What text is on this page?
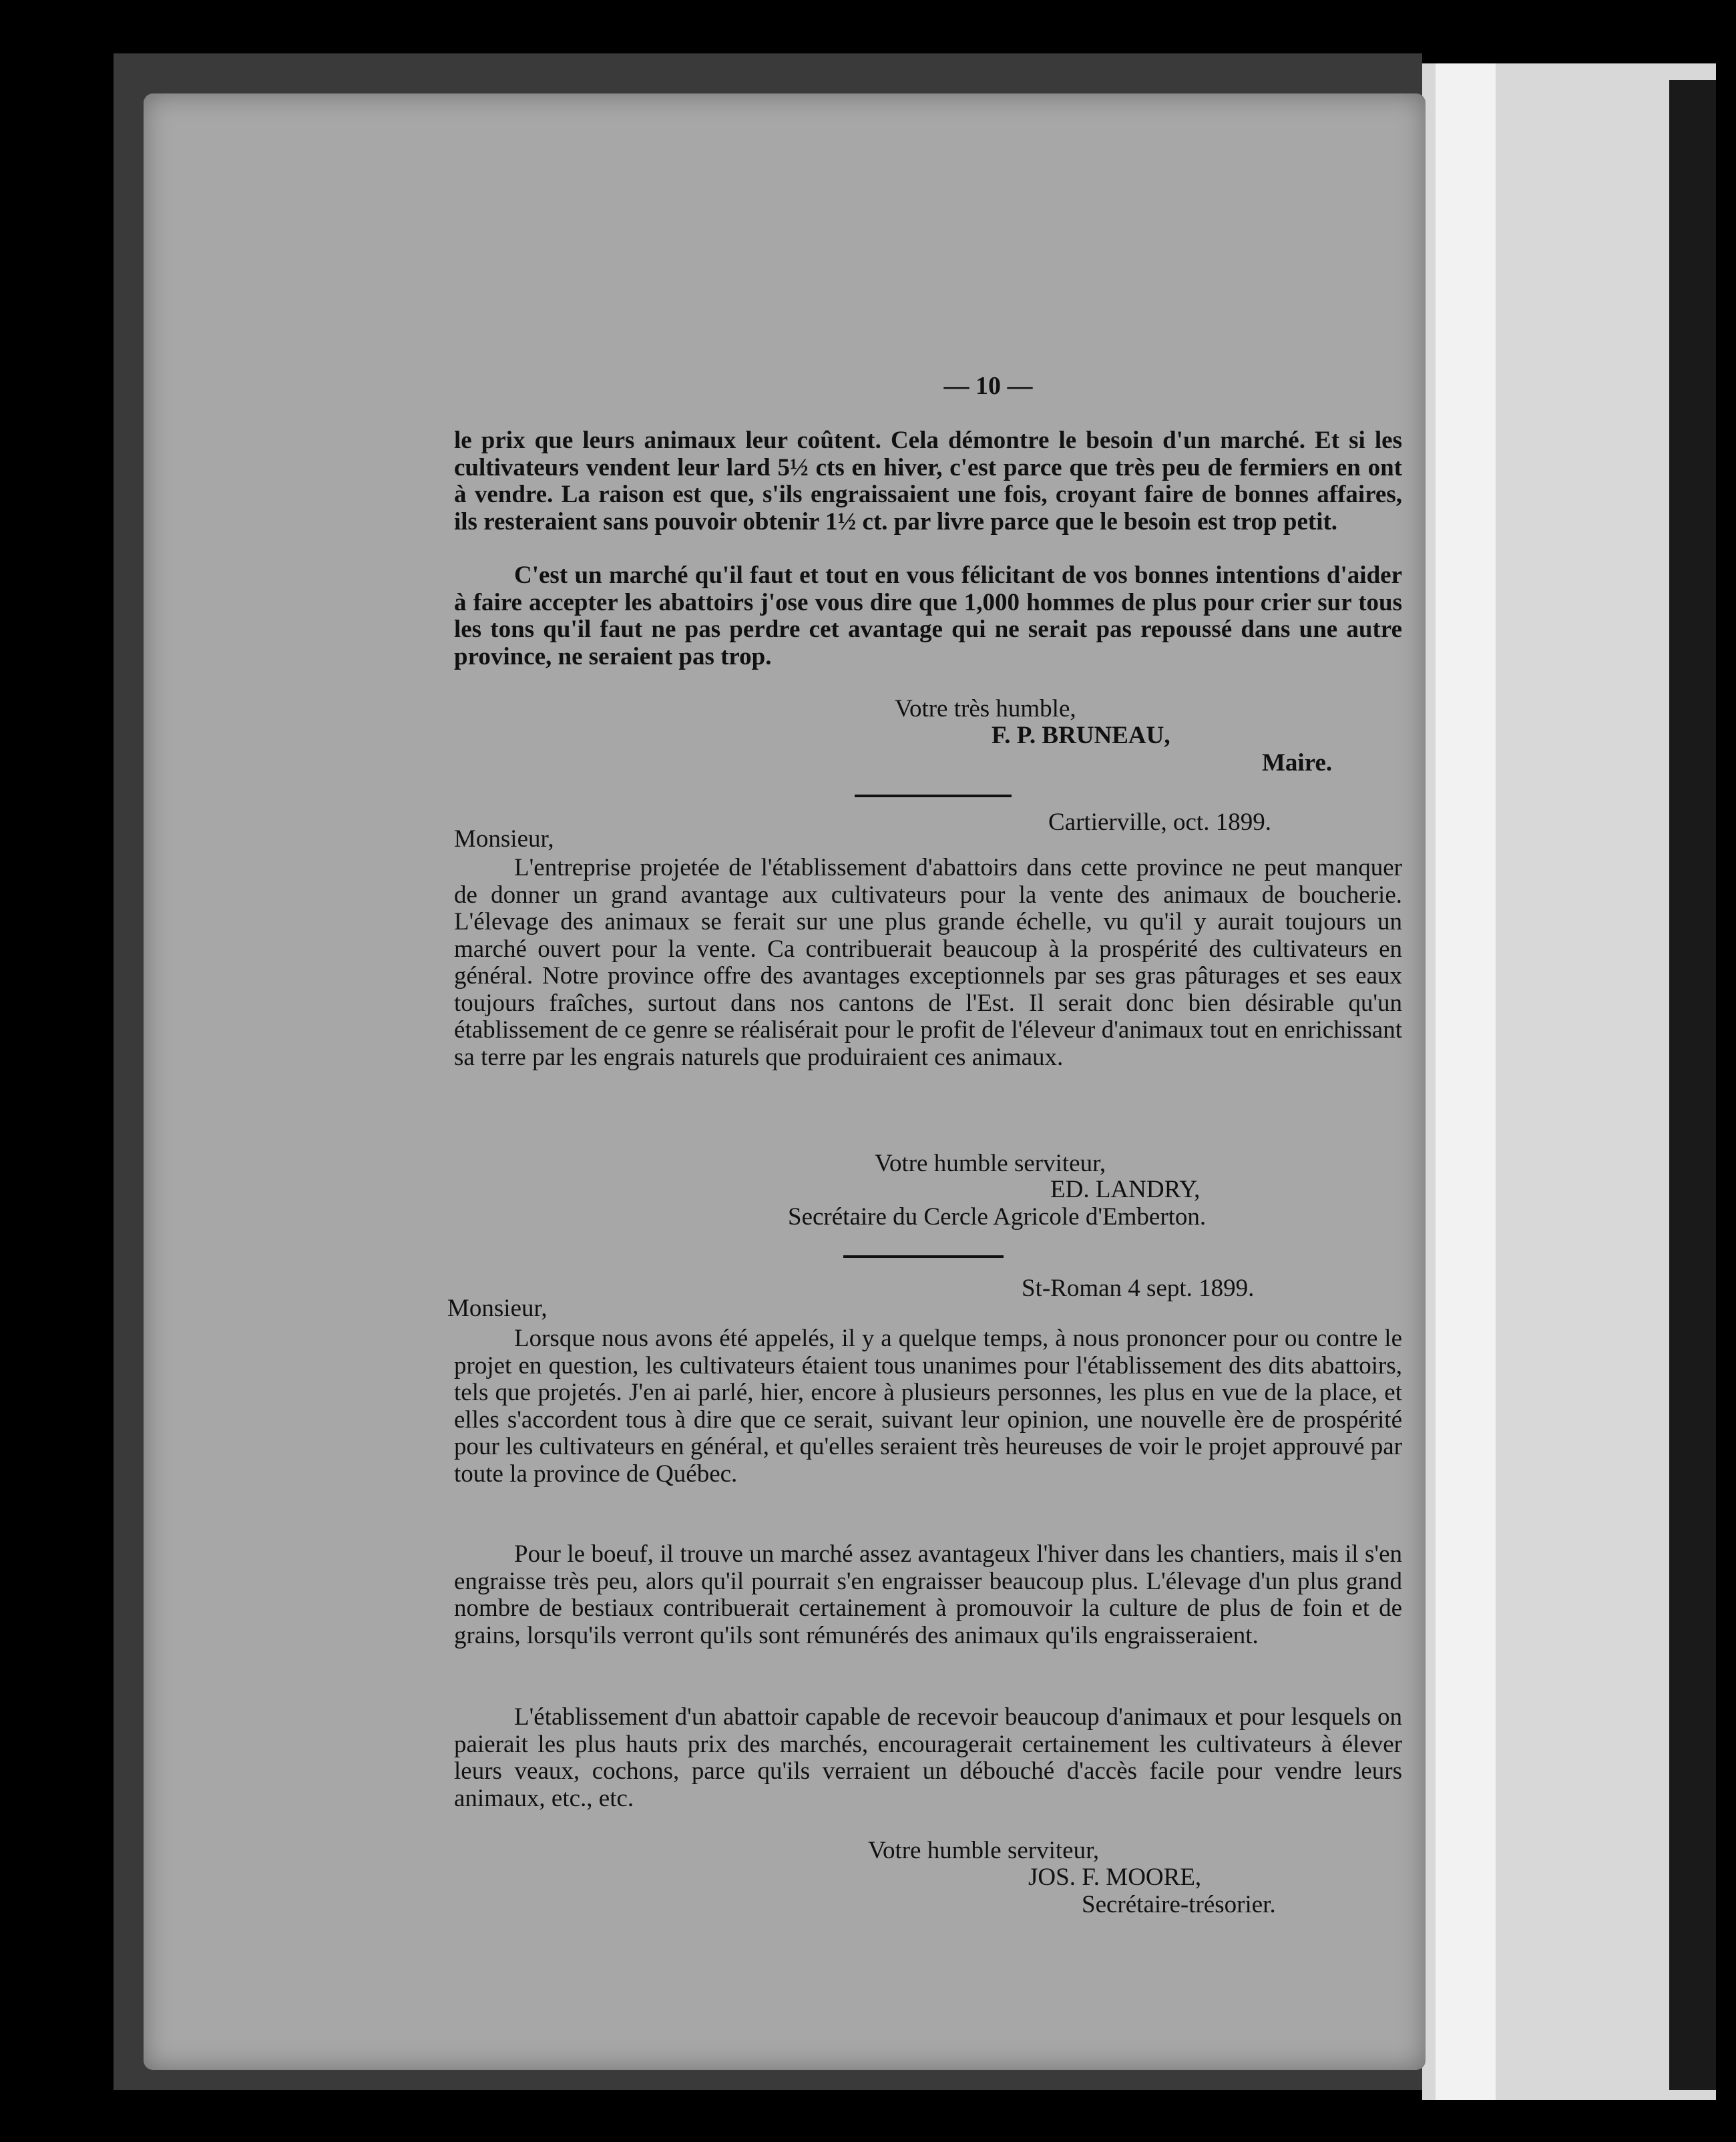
— 10 —

le prix que leurs animaux leur coûtent. Cela démontre le besoin d'un marché. Et si les cultivateurs vendent leur lard 5½ cts en hiver, c'est parce que très peu de fermiers en ont à vendre. La raison est que, s'ils engraissaient une fois, croyant faire de bonnes affaires, ils resteraient sans pouvoir obtenir 1½ ct. par livre parce que le besoin est trop petit.

C'est un marché qu'il faut et tout en vous félicitant de vos bonnes intentions d'aider à faire accepter les abattoirs j'ose vous dire que 1,000 hommes de plus pour crier sur tous les tons qu'il faut ne pas perdre cet avantage qui ne serait pas repoussé dans une autre province, ne seraient pas trop.

Votre très humble,

F. P. BRUNEAU,

Maire.

Cartierville, oct. 1899.

Monsieur,

L'entreprise projetée de l'établissement d'abattoirs dans cette province ne peut manquer de donner un grand avantage aux cultivateurs pour la vente des animaux de boucherie. L'élevage des animaux se ferait sur une plus grande échelle, vu qu'il y aurait toujours un marché ouvert pour la vente. Ca contribuerait beaucoup à la prospérité des cultivateurs en général. Notre province offre des avantages exceptionnels par ses gras pâturages et ses eaux toujours fraîches, surtout dans nos cantons de l'Est. Il serait donc bien désirable qu'un établissement de ce genre se réalisérait pour le profit de l'éleveur d'animaux tout en enrichissant sa terre par les engrais naturels que produiraient ces animaux.

Votre humble serviteur,

ED. LANDRY,

Secrétaire du Cercle Agricole d'Emberton.

St-Roman 4 sept. 1899.

Monsieur,

Lorsque nous avons été appelés, il y a quelque temps, à nous prononcer pour ou contre le projet en question, les cultivateurs étaient tous unanimes pour l'établissement des dits abattoirs, tels que projetés. J'en ai parlé, hier, encore à plusieurs personnes, les plus en vue de la place, et elles s'accordent tous à dire que ce serait, suivant leur opinion, une nouvelle ère de prospérité pour les cultivateurs en général, et qu'elles seraient très heureuses de voir le projet approuvé par toute la province de Québec.

Pour le boeuf, il trouve un marché assez avantageux l'hiver dans les chantiers, mais il s'en engraisse très peu, alors qu'il pourrait s'en engraisser beaucoup plus. L'élevage d'un plus grand nombre de bestiaux contribuerait certainement à promouvoir la culture de plus de foin et de grains, lorsqu'ils verront qu'ils sont rémunérés des animaux qu'ils engraisseraient.

L'établissement d'un abattoir capable de recevoir beaucoup d'animaux et pour lesquels on paierait les plus hauts prix des marchés, encouragerait certainement les cultivateurs à élever leurs veaux, cochons, parce qu'ils verraient un débouché d'accès facile pour vendre leurs animaux, etc., etc.

Votre humble serviteur,

JOS. F. MOORE,

Secrétaire-trésorier.
